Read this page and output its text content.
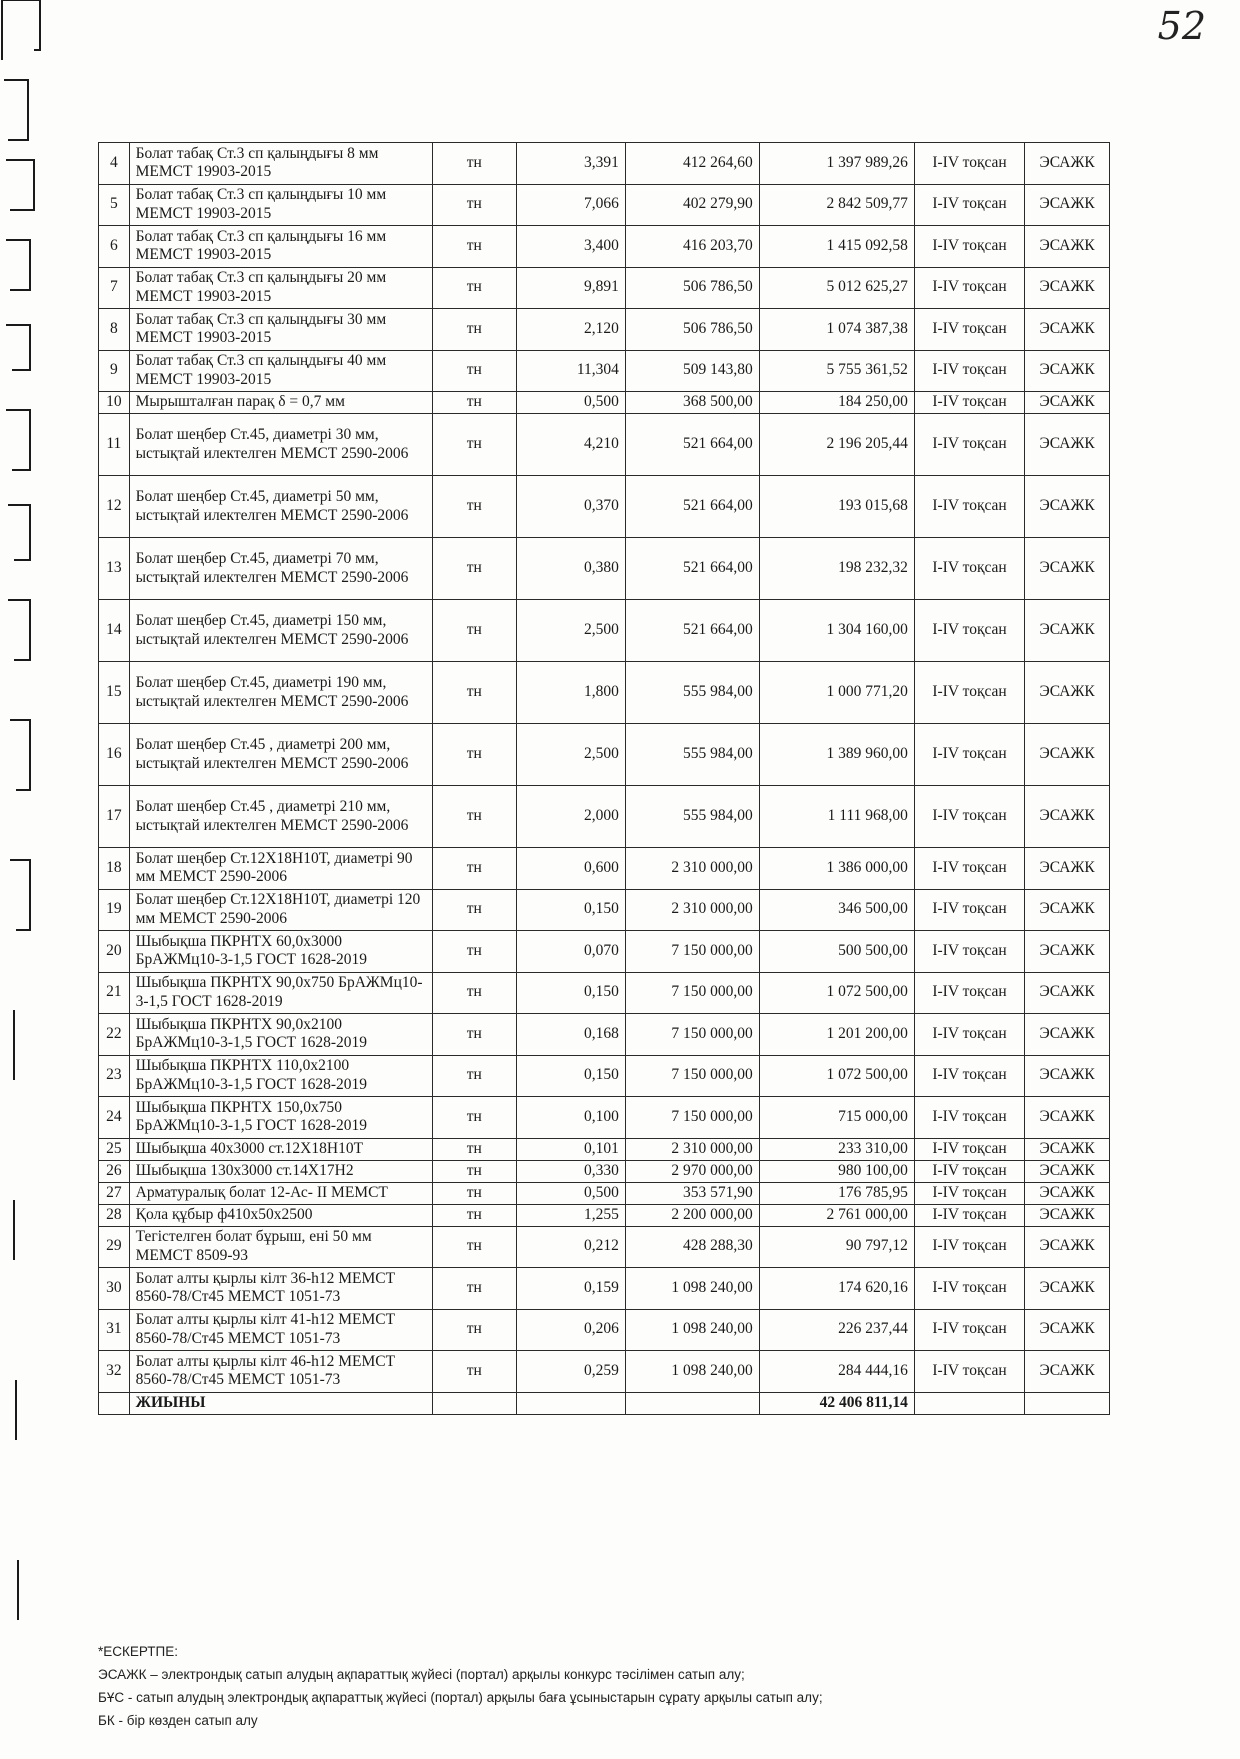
52
4	Болат табақ Ст.3 сп қалыңдығы 8 мм МЕМСТ 19903-2015	тн	3,391	412 264,60	1 397 989,26	I-IV тоқсан	ЭСАЖК
5	Болат табақ Ст.3 сп қалыңдығы 10 мм МЕМСТ 19903-2015	тн	7,066	402 279,90	2 842 509,77	I-IV тоқсан	ЭСАЖК
6	Болат табақ Ст.3 сп қалыңдығы 16 мм МЕМСТ 19903-2015	тн	3,400	416 203,70	1 415 092,58	I-IV тоқсан	ЭСАЖК
7	Болат табақ Ст.3 сп қалыңдығы 20 мм МЕМСТ 19903-2015	тн	9,891	506 786,50	5 012 625,27	I-IV тоқсан	ЭСАЖК
8	Болат табақ Ст.3 сп қалыңдығы 30 мм МЕМСТ 19903-2015	тн	2,120	506 786,50	1 074 387,38	I-IV тоқсан	ЭСАЖК
9	Болат табақ Ст.3 сп қалыңдығы 40 мм МЕМСТ 19903-2015	тн	11,304	509 143,80	5 755 361,52	I-IV тоқсан	ЭСАЖК
10	Мырышталған парақ δ = 0,7 мм	тн	0,500	368 500,00	184 250,00	I-IV тоқсан	ЭСАЖК
11	Болат шеңбер Ст.45, диаметрі 30 мм, ыстықтай илектелген МЕМСТ 2590-2006	тн	4,210	521 664,00	2 196 205,44	I-IV тоқсан	ЭСАЖК
12	Болат шеңбер Ст.45, диаметрі 50 мм, ыстықтай илектелген МЕМСТ 2590-2006	тн	0,370	521 664,00	193 015,68	I-IV тоқсан	ЭСАЖК
13	Болат шеңбер Ст.45, диаметрі 70 мм, ыстықтай илектелген МЕМСТ 2590-2006	тн	0,380	521 664,00	198 232,32	I-IV тоқсан	ЭСАЖК
14	Болат шеңбер Ст.45, диаметрі 150 мм, ыстықтай илектелген МЕМСТ 2590-2006	тн	2,500	521 664,00	1 304 160,00	I-IV тоқсан	ЭСАЖК
15	Болат шеңбер Ст.45, диаметрі 190 мм, ыстықтай илектелген МЕМСТ 2590-2006	тн	1,800	555 984,00	1 000 771,20	I-IV тоқсан	ЭСАЖК
16	Болат шеңбер Ст.45 , диаметрі 200 мм, ыстықтай илектелген МЕМСТ 2590-2006	тн	2,500	555 984,00	1 389 960,00	I-IV тоқсан	ЭСАЖК
17	Болат шеңбер Ст.45 , диаметрі 210 мм, ыстықтай илектелген МЕМСТ 2590-2006	тн	2,000	555 984,00	1 111 968,00	I-IV тоқсан	ЭСАЖК
18	Болат шеңбер Ст.12Х18Н10Т, диаметрі 90 мм МЕМСТ 2590-2006	тн	0,600	2 310 000,00	1 386 000,00	I-IV тоқсан	ЭСАЖК
19	Болат шеңбер Ст.12Х18Н10Т, диаметрі 120 мм МЕМСТ 2590-2006	тн	0,150	2 310 000,00	346 500,00	I-IV тоқсан	ЭСАЖК
20	Шыбықша ПКРНТХ 60,0х3000 БрАЖМц10-3-1,5 ГОСТ 1628-2019	тн	0,070	7 150 000,00	500 500,00	I-IV тоқсан	ЭСАЖК
21	Шыбықша ПКРНТХ 90,0х750 БрАЖМц10-3-1,5 ГОСТ 1628-2019	тн	0,150	7 150 000,00	1 072 500,00	I-IV тоқсан	ЭСАЖК
22	Шыбықша ПКРНТХ 90,0х2100 БрАЖМц10-3-1,5 ГОСТ 1628-2019	тн	0,168	7 150 000,00	1 201 200,00	I-IV тоқсан	ЭСАЖК
23	Шыбықша ПКРНТХ 110,0х2100 БрАЖМц10-3-1,5 ГОСТ 1628-2019	тн	0,150	7 150 000,00	1 072 500,00	I-IV тоқсан	ЭСАЖК
24	Шыбықша ПКРНТХ 150,0х750 БрАЖМц10-3-1,5 ГОСТ 1628-2019	тн	0,100	7 150 000,00	715 000,00	I-IV тоқсан	ЭСАЖК
25	Шыбықша 40х3000 ст.12Х18Н10Т	тн	0,101	2 310 000,00	233 310,00	I-IV тоқсан	ЭСАЖК
26	Шыбықша 130х3000 ст.14Х17Н2	тн	0,330	2 970 000,00	980 100,00	I-IV тоқсан	ЭСАЖК
27	Арматуралық болат 12-Ас- II МЕМСТ	тн	0,500	353 571,90	176 785,95	I-IV тоқсан	ЭСАЖК
28	Қола құбыр ф410х50х2500	тн	1,255	2 200 000,00	2 761 000,00	I-IV тоқсан	ЭСАЖК
29	Тегістелген болат бұрыш, ені 50 мм МЕМСТ 8509-93	тн	0,212	428 288,30	90 797,12	I-IV тоқсан	ЭСАЖК
30	Болат алты қырлы кілт 36-h12 МЕМСТ 8560-78/Ст45 МЕМСТ 1051-73	тн	0,159	1 098 240,00	174 620,16	I-IV тоқсан	ЭСАЖК
31	Болат алты қырлы кілт 41-h12 МЕМСТ 8560-78/Ст45 МЕМСТ 1051-73	тн	0,206	1 098 240,00	226 237,44	I-IV тоқсан	ЭСАЖК
32	Болат алты қырлы кілт 46-h12 МЕМСТ 8560-78/Ст45 МЕМСТ 1051-73	тн	0,259	1 098 240,00	284 444,16	I-IV тоқсан	ЭСАЖК
	ЖИЫНЫ				42 406 811,14		
*ЕСКЕРТПЕ:
ЭСАЖК – электрондық сатып алудың ақпараттық жүйесі (портал) арқылы конкурс тәсілімен сатып алу;
БҰС - сатып алудың электрондық ақпараттық жүйесі (портал) арқылы баға ұсыныстарын сұрату арқылы сатып алу;
БК - бір көзден сатып алу
